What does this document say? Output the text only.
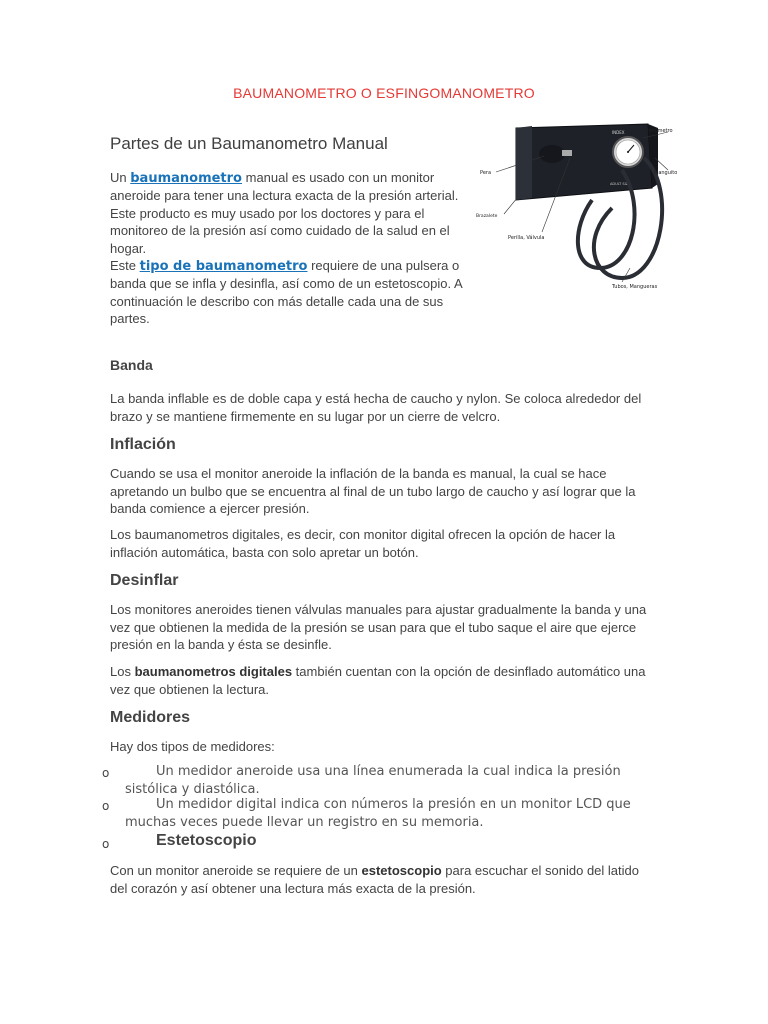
BAUMANOMETRO O ESFINGOMANOMETRO
Partes de un Baumanometro Manual
Un baumanometro manual es usado con un monitor aneroide para tener una lectura exacta de la presión arterial. Este producto es muy usado por los doctores y para el monitoreo de la presión así como cuidado de la salud en el hogar.
Este tipo de baumanometro requiere de una pulsera o banda que se infla y desinfla, así como de un estetoscopio. A continuación le describo con más detalle cada una de sus partes.
INDEX
ADULT SIZE
Manómetro
Pera	Manguito
Brazalete
Perilla, Válvula
Tubos, Mangueras
Banda

La banda inflable es de doble capa y está hecha de caucho y nylon. Se coloca alrededor del brazo y se mantiene firmemente en su lugar por un cierre de velcro.

Inflación

Cuando se usa el monitor aneroide la inflación de la banda es manual, la cual se hace apretando un bulbo que se encuentra al final de un tubo largo de caucho y así lograr que la banda comience a ejercer presión.

Los baumanometros digitales, es decir, con monitor digital ofrecen la opción de hacer la inflación automática, basta con solo apretar un botón.

Desinflar

Los monitores aneroides tienen válvulas manuales para ajustar gradualmente la banda y una vez que obtienen la medida de la presión se usan para que el tubo saque el aire que ejerce presión en la banda y ésta se desinfle.

Los baumanometros digitales también cuentan con la opción de desinflado automático una vez que obtienen la lectura.

Medidores

Hay dos tipos de medidores:

o	Un medidor aneroide usa una línea enumerada la cual indica la presión sistólica y diastólica.

o	Un medidor digital indica con números la presión en un monitor LCD que muchas veces puede llevar un registro en su memoria.

o	Estetoscopio

Con un monitor aneroide se requiere de un estetoscopio para escuchar el sonido del latido del corazón y así obtener una lectura más exacta de la presión.
